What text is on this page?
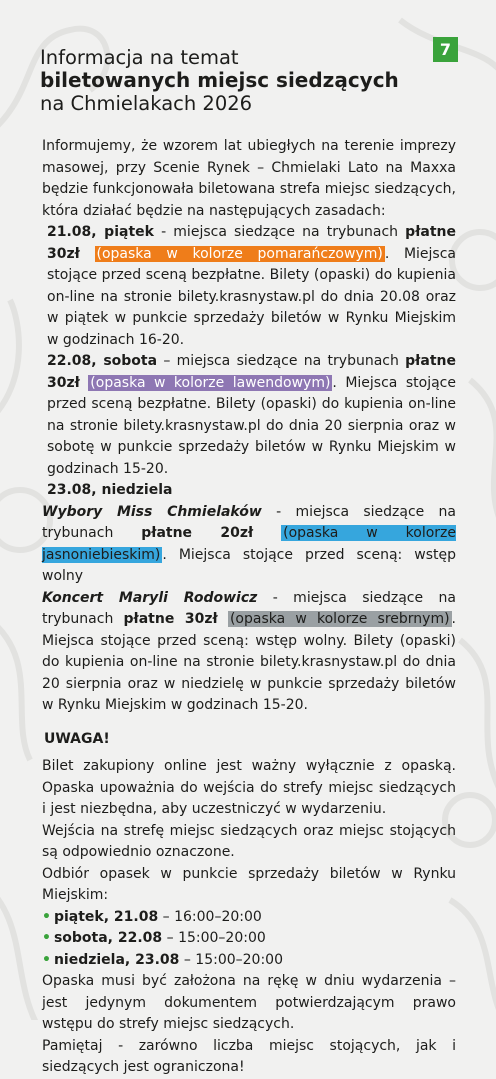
7
Informacja na temat
biletowanych miejsc siedzących
na Chmielakach 2026

Informujemy, że wzorem lat ubiegłych na terenie imprezy masowej, przy Scenie Rynek – Chmielaki Lato na Maxxa będzie funkcjonowała biletowana strefa miejsc siedzących, która działać będzie na następujących zasadach:

21.08, piątek - miejsca siedzące na trybunach płatne 30zł (opaska w kolorze pomarańczowym) . Miejsca stojące przed sceną bezpłatne. Bilety (opaski) do kupienia on-line na stronie bilety.krasnystaw.pl do dnia 20.08 oraz w piątek w punkcie sprzedaży biletów w Rynku Miejskim w godzinach 16-20.

22.08, sobota – miejsca siedzące na trybunach płatne 30zł (opaska w kolorze lawendowym) . Miejsca stojące przed sceną bezpłatne. Bilety (opaski) do kupienia on-line na stronie bilety.krasnystaw.pl do dnia 20 sierpnia oraz w sobotę w punkcie sprzedaży biletów w Rynku Miejskim w godzinach 15-20.

23.08, niedziela

Wybory Miss Chmielaków - miejsca siedzące na trybunach płatne 20zł (opaska w kolorze jasnoniebieskim) . Miejsca stojące przed sceną: wstęp wolny

Koncert Maryli Rodowicz - miejsca siedzące na trybunach płatne 30zł (opaska w kolorze srebrnym) . Miejsca stojące przed sceną: wstęp wolny. Bilety (opaski) do kupienia on-line na stronie bilety.krasnystaw.pl do dnia 20 sierpnia oraz w niedzielę w punkcie sprzedaży biletów w Rynku Miejskim w godzinach 15-20.

UWAGA!

Bilet zakupiony online jest ważny wyłącznie z opaską. Opaska upoważnia do wejścia do strefy miejsc siedzących i jest niezbędna, aby uczestniczyć w wydarzeniu.

Wejścia na strefę miejsc siedzących oraz miejsc stojących są odpowiednio oznaczone.

Odbiór opasek w punkcie sprzedaży biletów w Rynku Miejskim:

• piątek, 21.08 – 16:00–20:00

• sobota, 22.08 – 15:00–20:00

• niedziela, 23.08 – 15:00–20:00

Opaska musi być założona na rękę w dniu wydarzenia – jest jedynym dokumentem potwierdzającym prawo wstępu do strefy miejsc siedzących.

Pamiętaj - zarówno liczba miejsc stojących, jak i siedzących jest ograniczona!
